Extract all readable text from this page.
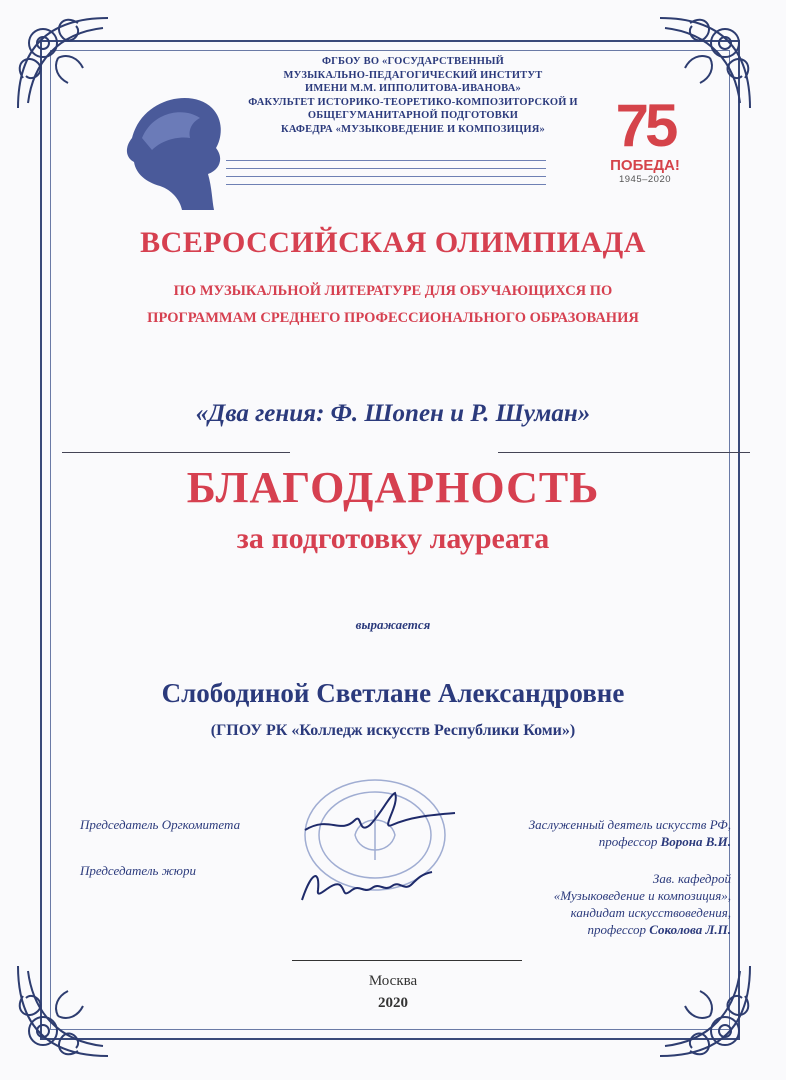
ФГБОУ ВО «ГОСУДАРСТВЕННЫЙ
МУЗЫКАЛЬНО-ПЕДАГОГИЧЕСКИЙ ИНСТИТУТ
ИМЕНИ М.М. ИППОЛИТОВА-ИВАНОВА»
ФАКУЛЬТЕТ ИСТОРИКО-ТЕОРЕТИКО-КОМПОЗИТОРСКОЙ И
ОБЩЕГУМАНИТАРНОЙ ПОДГОТОВКИ
КАФЕДРА «МУЗЫКОВЕДЕНИЕ И КОМПОЗИЦИЯ»	75
ПОБЕДА!
1945–2020
ВСЕРОССИЙСКАЯ ОЛИМПИАДА
ПО МУЗЫКАЛЬНОЙ ЛИТЕРАТУРЕ ДЛЯ ОБУЧАЮЩИХСЯ ПО
ПРОГРАММАМ СРЕДНЕГО ПРОФЕССИОНАЛЬНОГО ОБРАЗОВАНИЯ
«Два гения: Ф. Шопен и Р. Шуман»
БЛАГОДАРНОСТЬ
за подготовку лауреата
выражается
Слободиной Светлане Александровне
(ГПОУ РК «Колледж искусств Республики Коми»)
Председатель Оргкомитета
Председатель жюри
Заслуженный деятель искусств РФ,
профессор Ворона В.И.
Зав. кафедрой
«Музыковедение и композиция»,
кандидат искусствоведения,
профессор Соколова Л.П.
Москва
2020
